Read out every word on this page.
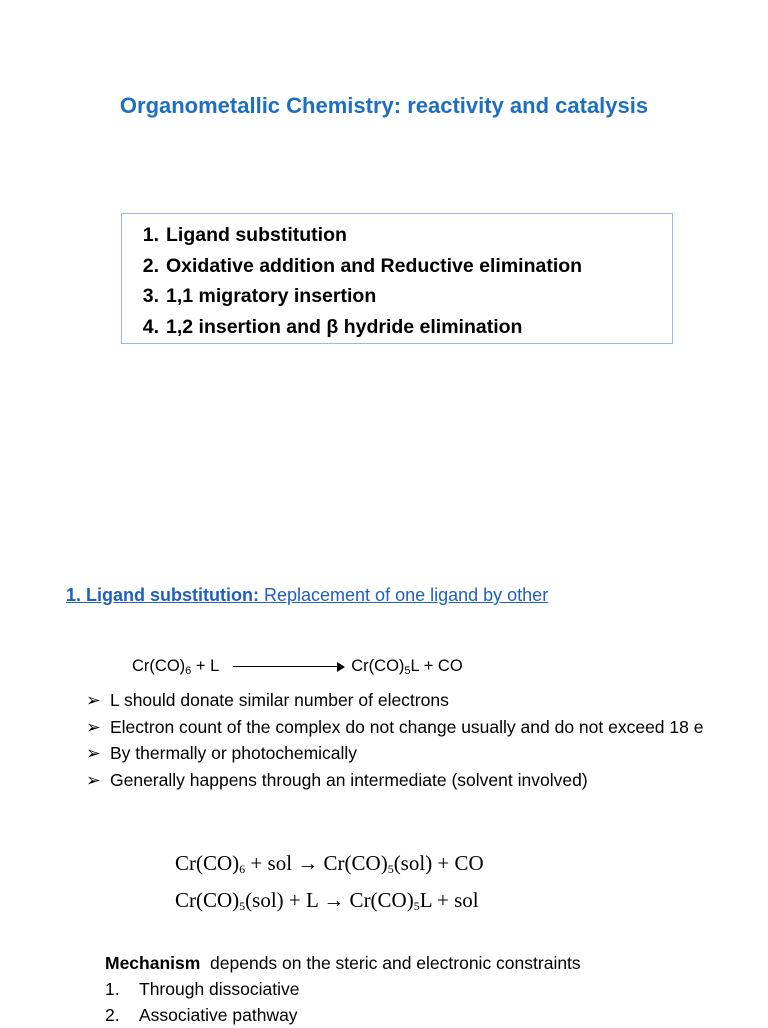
Organometallic Chemistry: reactivity and catalysis
1. Ligand substitution
2. Oxidative addition and Reductive elimination
3. 1,1 migratory insertion
4. 1,2 insertion and β hydride elimination
1. Ligand substitution: Replacement of one ligand by other
$Cr(CO)_6 + L$	$Cr(CO)_5L$ + CO
➢ L should donate similar number of electrons
➢ Electron count of the complex do not change usually and do not exceed 18 e
➢ By thermally or photochemically
➢ Generally happens through an intermediate (solvent involved)
$Cr(CO)_6$ + sol → $Cr(CO)_5(sol)$ + CO
$Cr(CO)_5(sol) + L \to Cr(CO)_5L$ + sol
Mechanism  depends on the steric and electronic constraints
1.	Through dissociative
2.	Associative pathway
